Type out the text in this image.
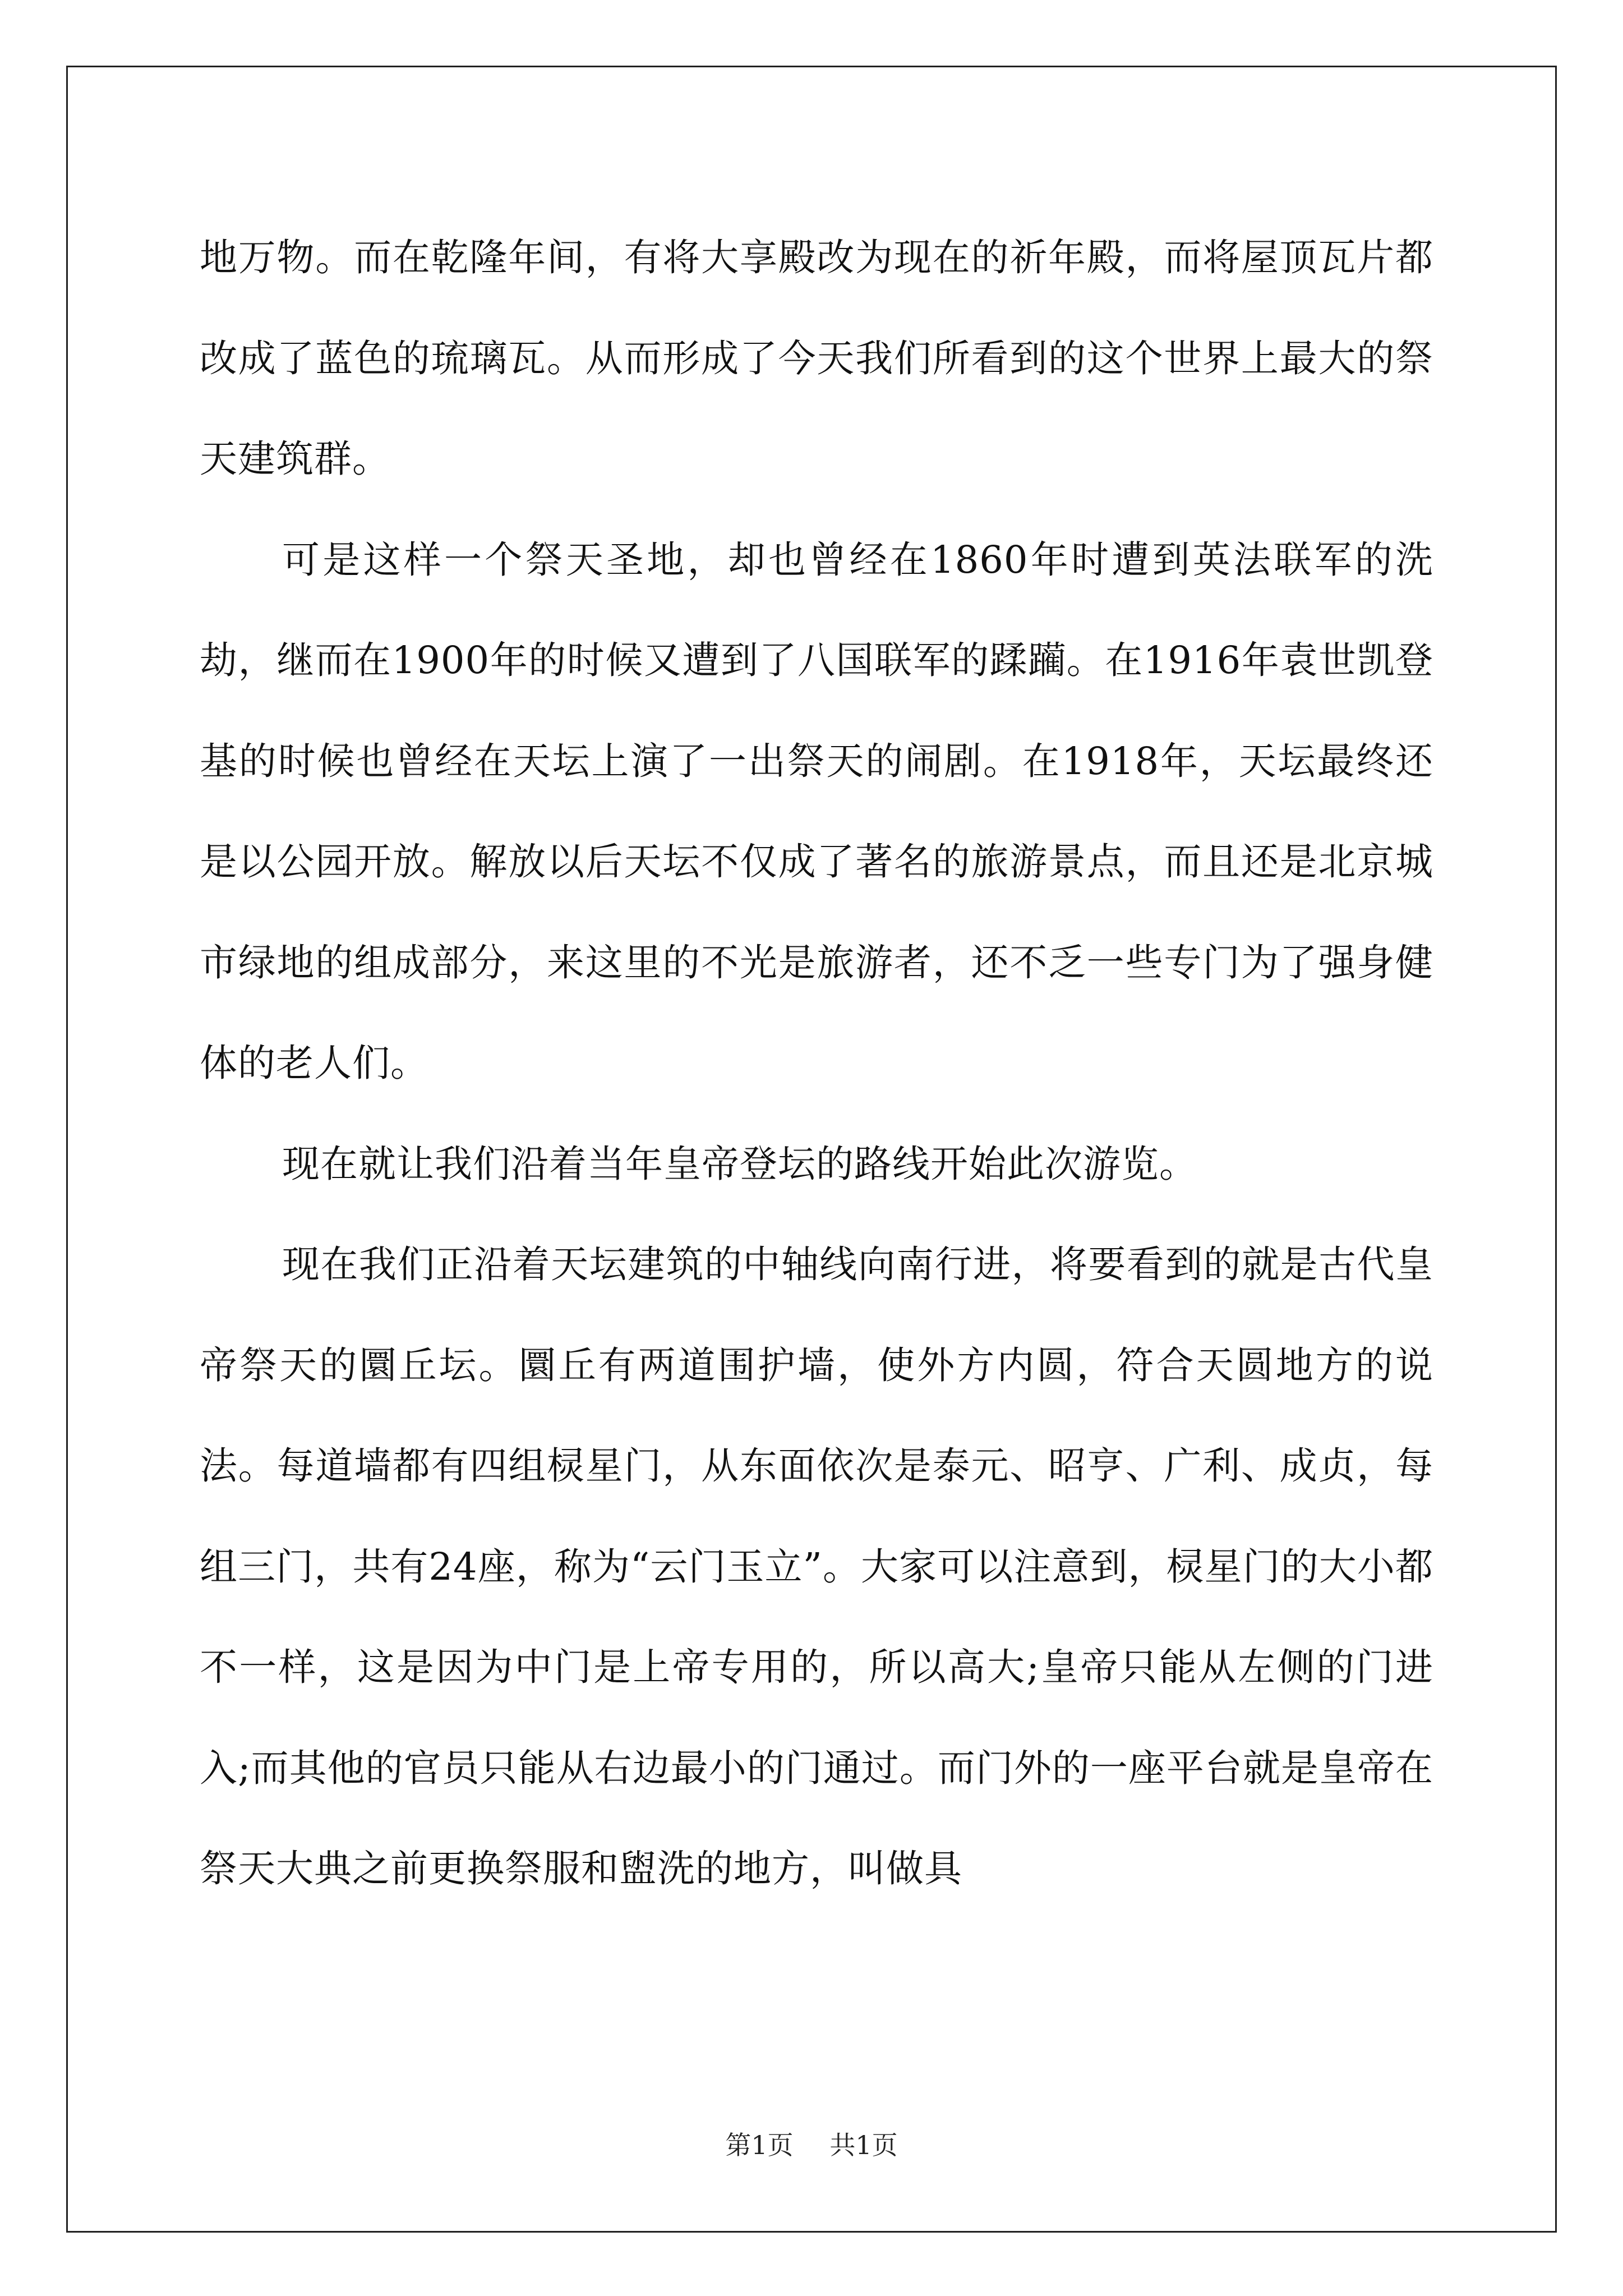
地万物。而在乾隆年间，有将大享殿改为现在的祈年殿，而将屋顶瓦片都改成了蓝色的琉璃瓦。从而形成了今天我们所看到的这个世界上最大的祭天建筑群。

可是这样一个祭天圣地，却也曾经在1860年时遭到英法联军的洗劫，继而在1900年的时候又遭到了八国联军的蹂躏。在1916年袁世凯登基的时候也曾经在天坛上演了一出祭天的闹剧。在1918年，天坛最终还是以公园开放。解放以后天坛不仅成了著名的旅游景点，而且还是北京城市绿地的组成部分，来这里的不光是旅游者，还不乏一些专门为了强身健体的老人们。

现在就让我们沿着当年皇帝登坛的路线开始此次游览。

现在我们正沿着天坛建筑的中轴线向南行进，将要看到的就是古代皇帝祭天的圜丘坛。圜丘有两道围护墙，使外方内圆，符合天圆地方的说法。每道墙都有四组棂星门，从东面依次是泰元、昭亨、广利、成贞，每组三门，共有24座，称为“云门玉立”。大家可以注意到，棂星门的大小都不一样，这是因为中门是上帝专用的，所以高大;皇帝只能从左侧的门进入;而其他的官员只能从右边最小的门通过。而门外的一座平台就是皇帝在祭天大典之前更换祭服和盥洗的地方，叫做具

第1页 共1页
